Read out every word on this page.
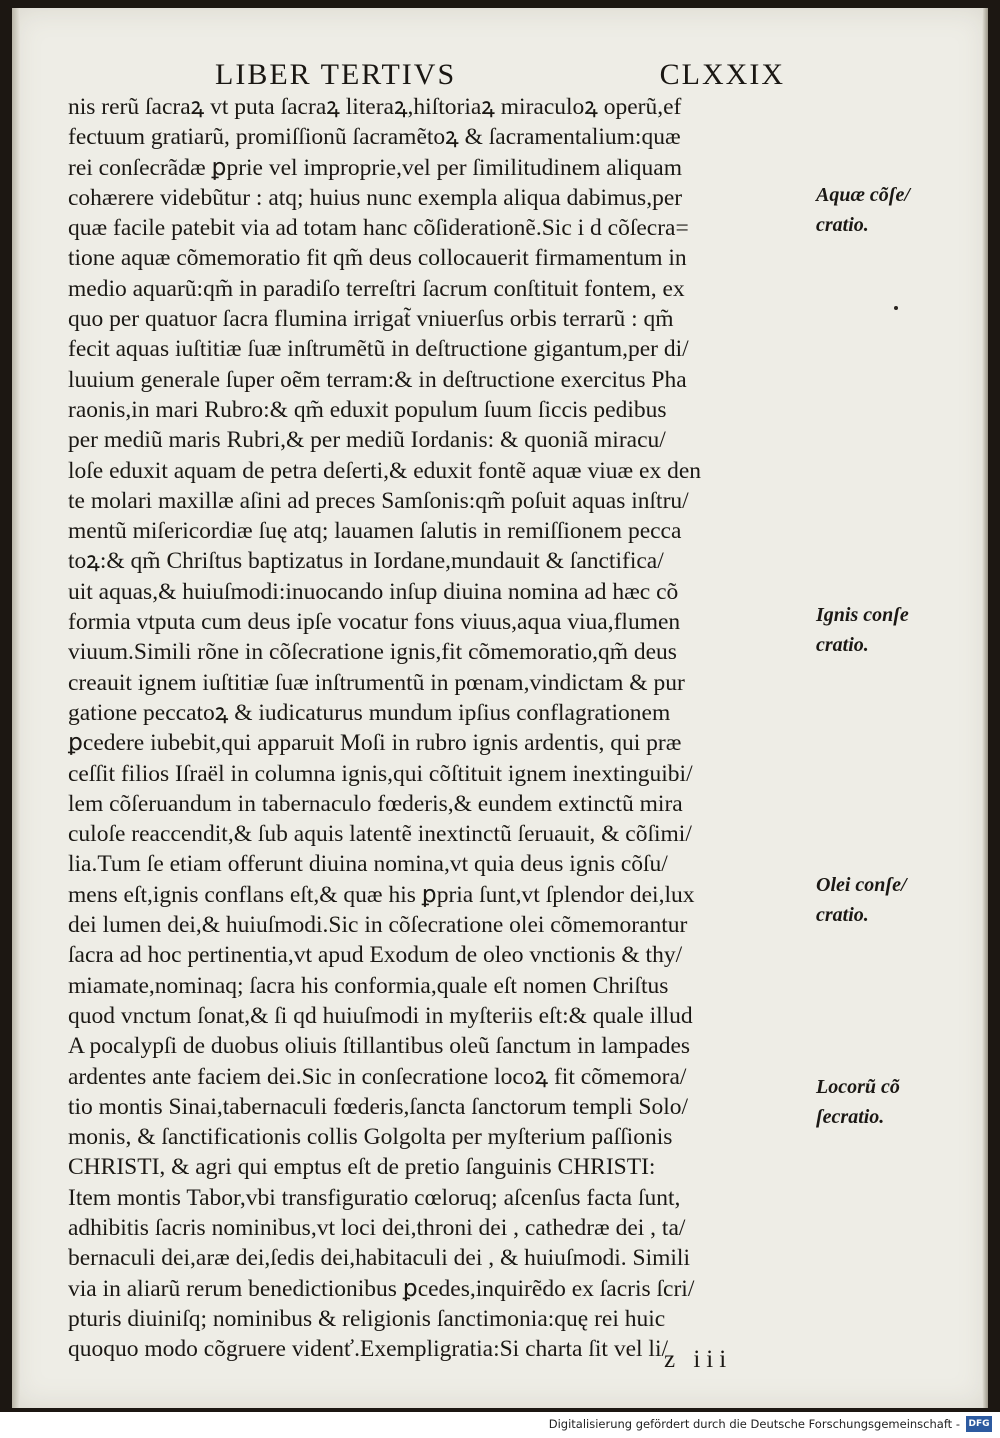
LIBER TERTIVS	CLXXIX
nis rerũ ſacraꝝ vt puta ſacraꝝ literaꝝ,hiſtoriaꝝ miraculoꝝ operũ,ef
fectuum gratiarũ, promiſſionũ ſacramẽtoꝝ & ſacramentalium:quæ
rei conſecrãdæ ꝑprie vel improprie,vel per ſimilitudinem aliquam
cohærere videbũtur : atq; huius nunc exempla aliqua dabimus,per
quæ facile patebit via ad totam hanc cõſiderationẽ.Sic i d cõſecra=
tione aquæ cõmemoratio fit qm̃ deus collocauerit firmamentum in
medio aquarũ:qm̃ in paradiſo terreſtri ſacrum conſtituit fontem, ex
quo per quatuor ſacra flumina irrigat̃ vniuerſus orbis terrarũ : qm̃
fecit aquas iuſtitiæ ſuæ inſtrumẽtũ in deſtructione gigantum,per di/
luuium generale ſuper oẽm terram:& in deſtructione exercitus Pha
raonis,in mari Rubro:& qm̃ eduxit populum ſuum ſiccis pedibus
per mediũ maris Rubri,& per mediũ Iordanis: & quoniã miracu/
loſe eduxit aquam de petra deſerti,& eduxit fontẽ aquæ viuæ ex den
te molari maxillæ aſini ad preces Samſonis:qm̃ poſuit aquas inſtru/
mentũ miſericordiæ ſuę atq; lauamen ſalutis in remiſſionem pecca
toꝝ:& qm̃ Chriſtus baptizatus in Iordane,mundauit & ſanctifica/
uit aquas,& huiuſmodi:inuocando inſup diuina nomina ad hæc cõ
formia vtputa cum deus ipſe vocatur fons viuus,aqua viua,flumen
viuum.Simili rõne in cõſecratione ignis,fit cõmemoratio,qm̃ deus
creauit ignem iuſtitiæ ſuæ inſtrumentũ in pœnam,vindictam & pur
gatione peccatoꝝ & iudicaturus mundum ipſius conflagrationem
ꝑcedere iubebit,qui apparuit Moſi in rubro ignis ardentis, qui præ
ceſſit filios Iſraël in columna ignis,qui cõſtituit ignem inextinguibi/
lem cõſeruandum in tabernaculo fœderis,& eundem extinctũ mira
culoſe reaccendit,& ſub aquis latentẽ inextinctũ ſeruauit, & cõſimi/
lia.Tum ſe etiam offerunt diuina nomina,vt quia deus ignis cõſu/
mens eſt,ignis conflans eſt,& quæ his ꝑpria ſunt,vt ſplendor dei,lux
dei lumen dei,& huiuſmodi.Sic in cõſecratione olei cõmemorantur
ſacra ad hoc pertinentia,vt apud Exodum de oleo vnctionis & thy/
miamate,nominaq; ſacra his conformia,quale eſt nomen Chriſtus
quod vnctum ſonat,& ſi qd huiuſmodi in myſteriis eſt:& quale illud
A pocalypſi de duobus oliuis ſtillantibus oleũ ſanctum in lampades
ardentes ante faciem dei.Sic in conſecratione locoꝝ fit cõmemora/
tio montis Sinai,tabernaculi fœderis,ſancta ſanctorum templi Solo/
monis, & ſanctificationis collis Golgolta per myſterium paſſionis
CHRISTI, & agri qui emptus eſt de pretio ſanguinis CHRISTI:
Item montis Tabor,vbi transfiguratio cœloruq; aſcenſus facta ſunt,
adhibitis ſacris nominibus,vt loci dei,throni dei , cathedræ dei , ta/
bernaculi dei,aræ dei,ſedis dei,habitaculi dei , & huiuſmodi. Simili
via in aliarũ rerum benedictionibus ꝑcedes,inquirẽdo ex ſacris ſcri/
pturis diuiniſq; nominibus & religionis ſanctimonia:quę rei huic
quoquo modo cõgruere videnť.Exempligratia:Si charta ſit vel li/
Aquæ cõſe/
cratio.
Ignis conſe
cratio.
Olei conſe/
cratio.
Locorũ cõ
ſecratio.
z iii
Digitalisierung gefördert durch die Deutsche Forschungsgemeinschaft - DFG
